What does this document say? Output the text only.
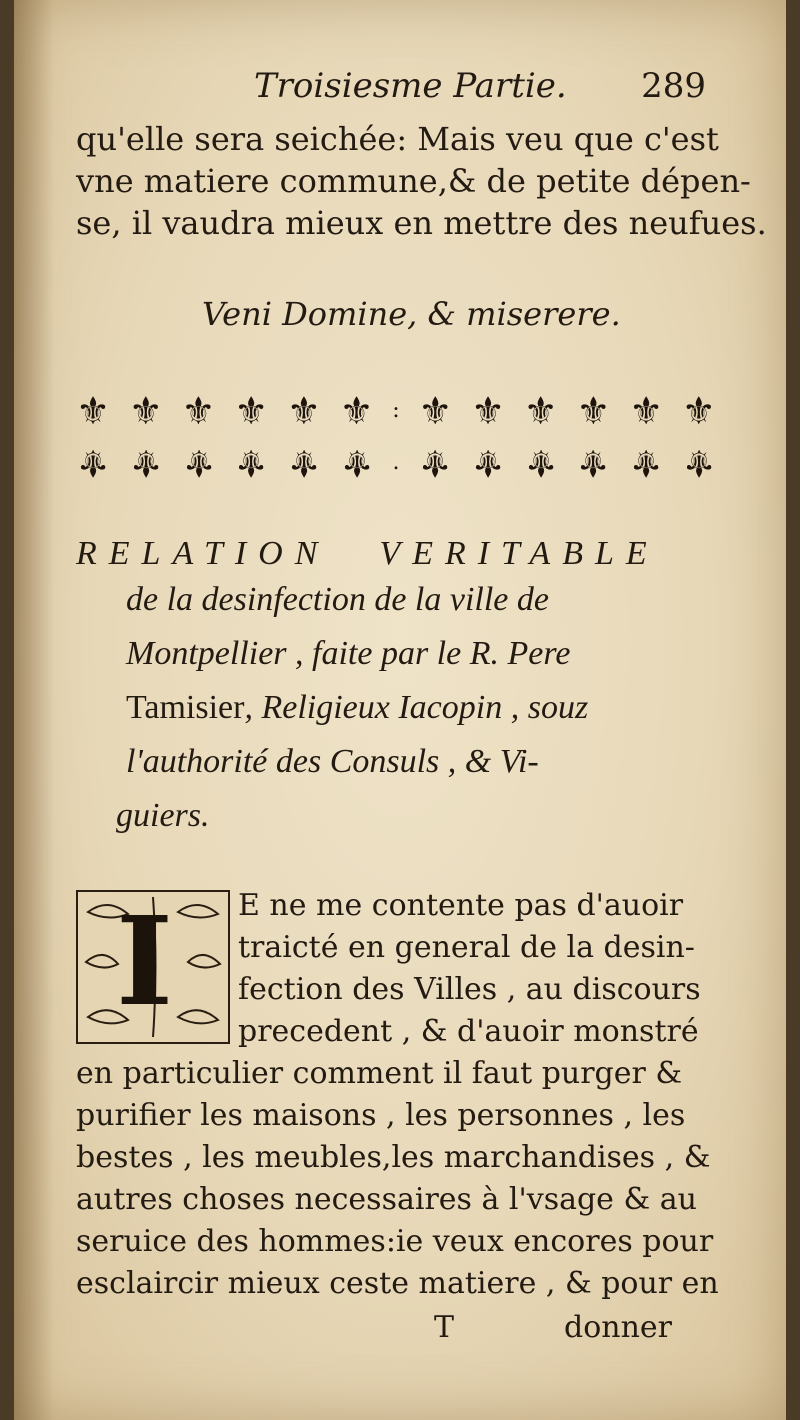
Troisiesme Partie. 289
qu'elle sera seichée: Mais veu que c'est
vne matiere commune,& de petite dépen-
se, il vaudra mieux en mettre des neufues.
Veni Domine, & miserere.
⚜ ⚜ ⚜ ⚜ ⚜ ⚜ : ⚜ ⚜ ⚜ ⚜ ⚜ ⚜
⚜ ⚜ ⚜ ⚜ ⚜ ⚜ . ⚜ ⚜ ⚜ ⚜ ⚜ ⚜
RELATION VERITABLE
de la desinfection de la ville de
Montpellier , faite par le R. Pere
Tamisier, Religieux Iacopin , souz
l'authorité des Consuls , & Vi-
guiers.
I	E ne me contente pas d'auoir
traicté en general de la desin-
fection des Villes , au discours
precedent , & d'auoir monstré
en particulier comment il faut purger &
purifier les maisons , les personnes , les
bestes , les meubles,les marchandises , &
autres choses necessaires à l'vsage & au
seruice des hommes:ie veux encores pour
esclaircir mieux ceste matiere , & pour en
T	donner
